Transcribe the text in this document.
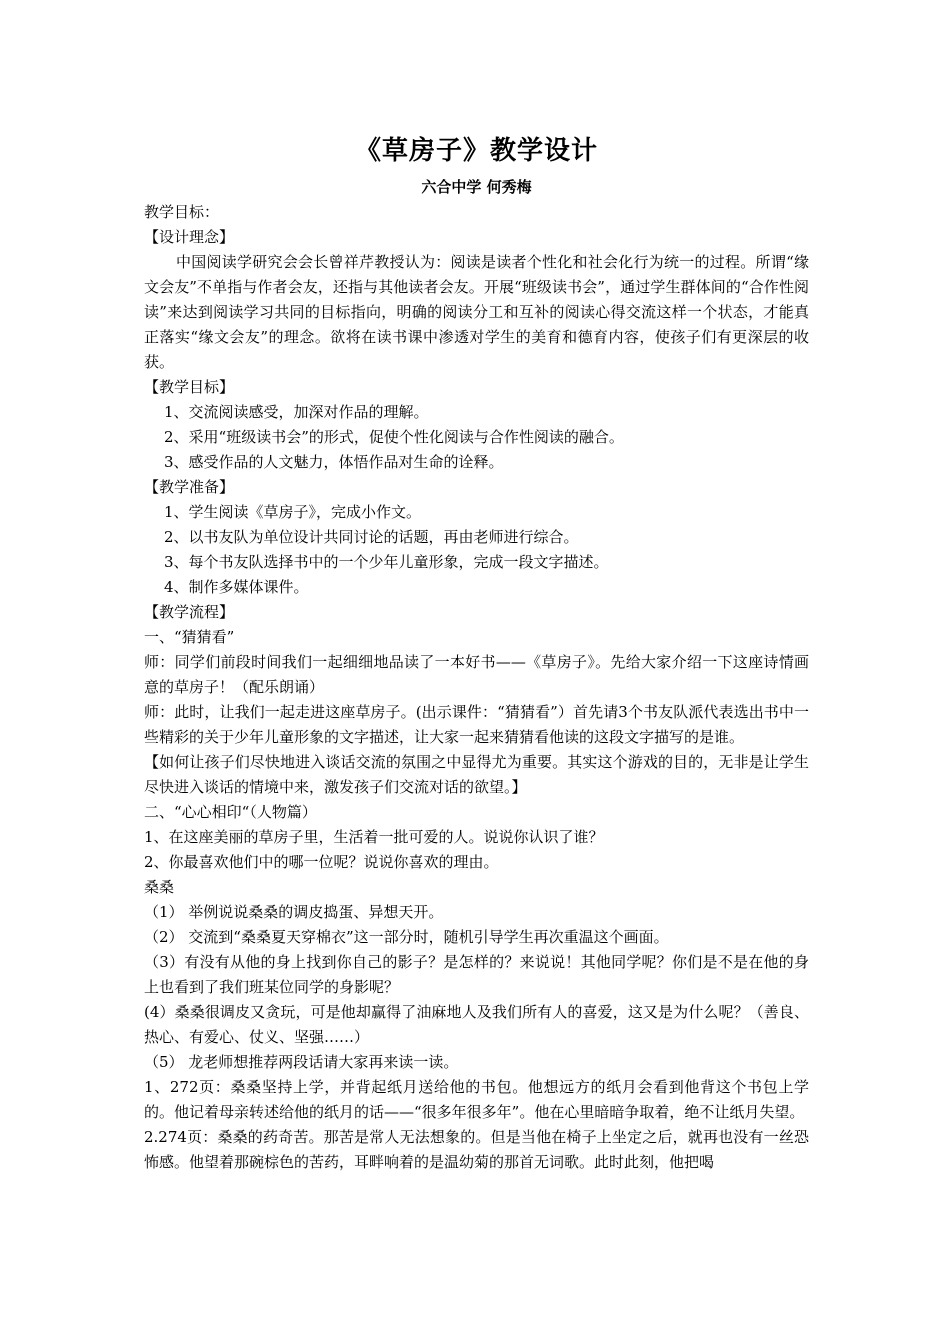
《草房子》教学设计
六合中学 何秀梅

教学目标：

【设计理念】

中国阅读学研究会会长曾祥芹教授认为：阅读是读者个性化和社会化行为统一的过程。所谓“缘文会友”不单指与作者会友，还指与其他读者会友。开展“班级读书会”，通过学生群体间的“合作性阅读”来达到阅读学习共同的目标指向，明确的阅读分工和互补的阅读心得交流这样一个状态，才能真正落实“缘文会友”的理念。欲将在读书课中渗透对学生的美育和德育内容，使孩子们有更深层的收获。

【教学目标】

1、交流阅读感受，加深对作品的理解。

2、采用“班级读书会”的形式，促使个性化阅读与合作性阅读的融合。

3、感受作品的人文魅力，体悟作品对生命的诠释。

【教学准备】

1、学生阅读《草房子》，完成小作文。

2、以书友队为单位设计共同讨论的话题，再由老师进行综合。

3、每个书友队选择书中的一个少年儿童形象，完成一段文字描述。

4、制作多媒体课件。

【教学流程】

一、“猜猜看”

师：同学们前段时间我们一起细细地品读了一本好书——《草房子》。先给大家介绍一下这座诗情画意的草房子！（配乐朗诵）

师：此时，让我们一起走进这座草房子。(出示课件：“猜猜看”）首先请3个书友队派代表选出书中一些精彩的关于少年儿童形象的文字描述，让大家一起来猜猜看他读的这段文字描写的是谁。

【如何让孩子们尽快地进入谈话交流的氛围之中显得尤为重要。其实这个游戏的目的，无非是让学生尽快进入谈话的情境中来，激发孩子们交流对话的欲望。】

二、“心心相印“（人物篇）

1、在这座美丽的草房子里，生活着一批可爱的人。说说你认识了谁？

2、你最喜欢他们中的哪一位呢？说说你喜欢的理由。

桑桑

（1） 举例说说桑桑的调皮捣蛋、异想天开。

（2） 交流到“桑桑夏天穿棉衣”这一部分时，随机引导学生再次重温这个画面。

（3）有没有从他的身上找到你自己的影子？是怎样的？来说说！其他同学呢？你们是不是在他的身上也看到了我们班某位同学的身影呢？

(4）桑桑很调皮又贪玩，可是他却赢得了油麻地人及我们所有人的喜爱，这又是为什么呢？（善良、热心、有爱心、仗义、坚强……）

（5） 龙老师想推荐两段话请大家再来读一读。

1、272页：桑桑坚持上学，并背起纸月送给他的书包。他想远方的纸月会看到他背这个书包上学的。他记着母亲转述给他的纸月的话——“很多年很多年”。他在心里暗暗争取着，绝不让纸月失望。

2.274页：桑桑的药奇苦。那苦是常人无法想象的。但是当他在椅子上坐定之后，就再也没有一丝恐怖感。他望着那碗棕色的苦药，耳畔响着的是温幼菊的那首无词歌。此时此刻，他把喝
